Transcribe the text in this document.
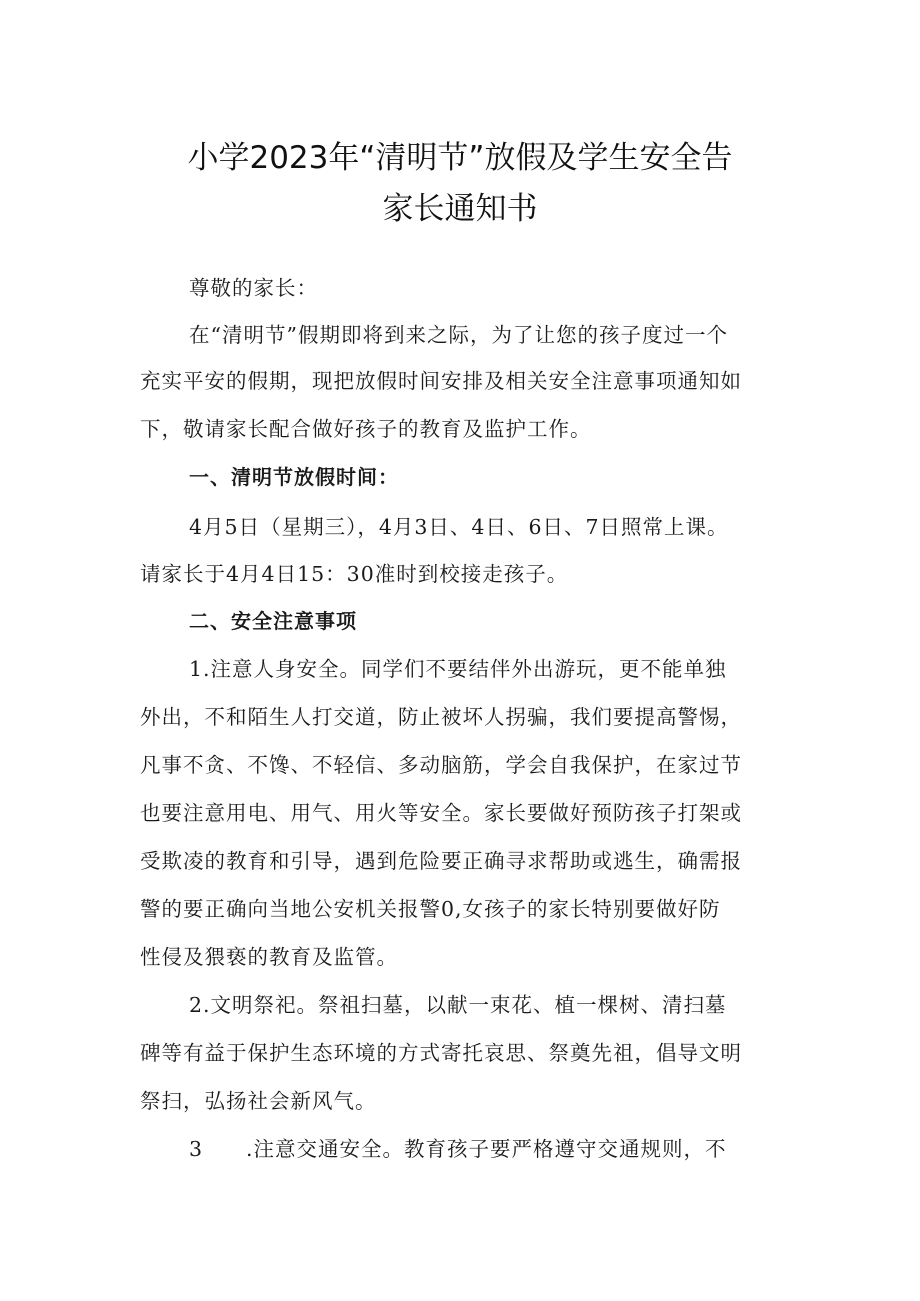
小学2023年“清明节”放假及学生安全告
家长通知书
尊敬的家长：
在“清明节”假期即将到来之际，为了让您的孩子度过一个
充实平安的假期，现把放假时间安排及相关安全注意事项通知如
下，敬请家长配合做好孩子的教育及监护工作。
一、清明节放假时间：
4月5日（星期三），4月3日、4日、6日、7日照常上课。
请家长于4月4日15：30准时到校接走孩子。
二、安全注意事项
1.注意人身安全。同学们不要结伴外出游玩，更不能单独
外出，不和陌生人打交道，防止被坏人拐骗，我们要提高警惕，
凡事不贪、不馋、不轻信、多动脑筋，学会自我保护，在家过节
也要注意用电、用气、用火等安全。家长要做好预防孩子打架或
受欺凌的教育和引导，遇到危险要正确寻求帮助或逃生，确需报
警的要正确向当地公安机关报警0,女孩子的家长特别要做好防
性侵及猥亵的教育及监管。
2.文明祭祀。祭祖扫墓，以献一束花、植一棵树、清扫墓
碑等有益于保护生态环境的方式寄托哀思、祭奠先祖，倡导文明
祭扫，弘扬社会新风气。
3　　.注意交通安全。教育孩子要严格遵守交通规则，不
